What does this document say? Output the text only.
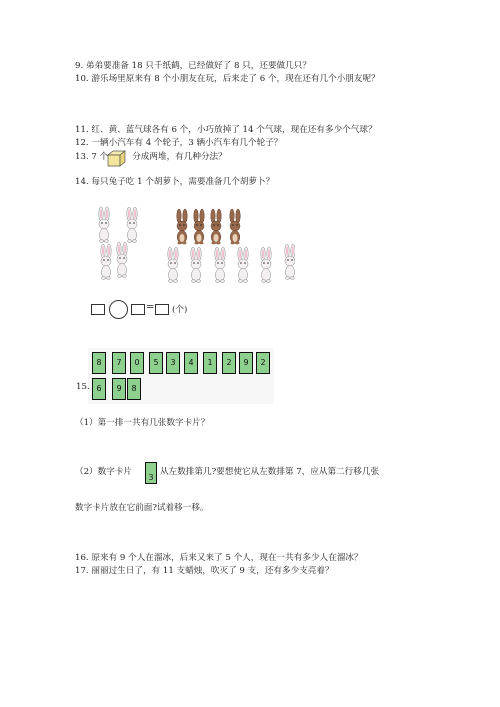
9. 弟弟要准备 18 只千纸鹤，已经做好了 8 只，还要做几只？
10. 游乐场里原来有 8 个小朋友在玩，后来走了 6 个，现在还有几个小朋友呢？
11. 红、黄、蓝气球各有 6 个，小巧放掉了 14 个气球，现在还有多少个气球？
12. 一辆小汽车有 4 个轮子，3 辆小汽车有几个轮子？
13. 7 个	分成两堆，有几种分法？
14. 每只兔子吃 1 个胡萝卜，需要准备几个胡萝卜？
= (个)
15.
8	7	0	5	3	4	1	2	9	2
6	9	8
（1）第一排一共有几张数字卡片？
（2）数字卡片
3
从左数排第几?要想使它从左数排第 7，应从第二行移几张
数字卡片放在它前面?试着移一移。
16. 原来有 9 个人在溜冰，后来又来了 5 个人，现在一共有多少人在溜冰？
17. 丽丽过生日了，有 11 支蜡烛，吹灭了 9 支，还有多少支亮着？
